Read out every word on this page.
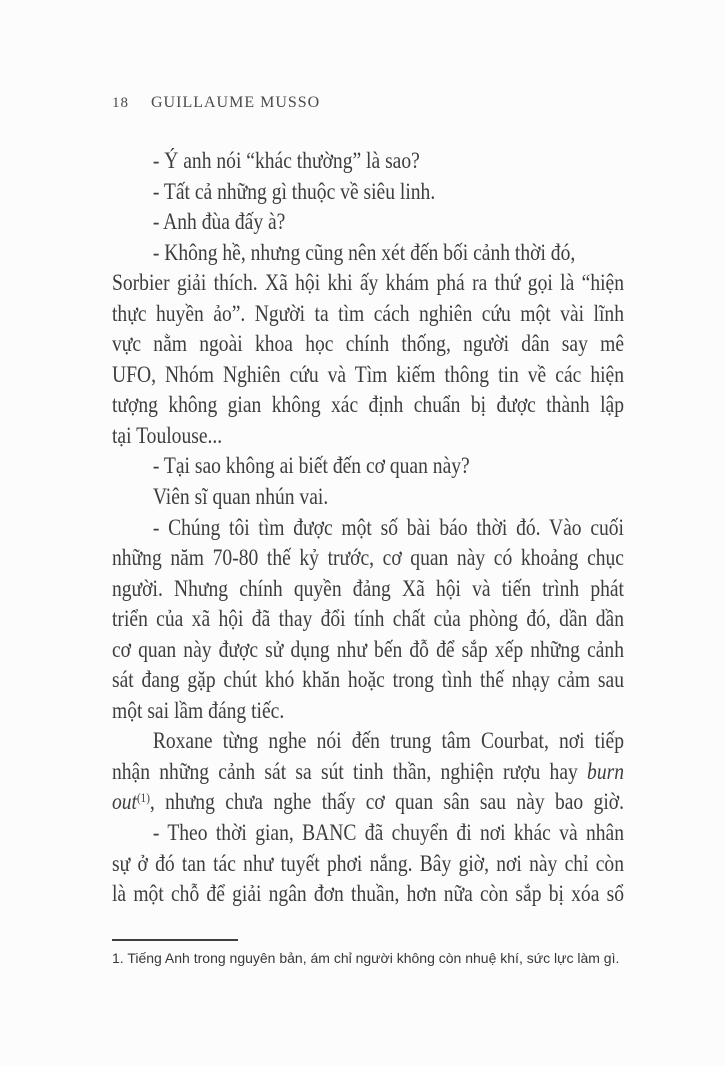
18 GUILLAUME MUSSO
- Ý anh nói “khác thường” là sao?
- Tất cả những gì thuộc về siêu linh.
- Anh đùa đấy à?
- Không hề, nhưng cũng nên xét đến bối cảnh thời đó,
Sorbier giải thích. Xã hội khi ấy khám phá ra thứ gọi là “hiện
thực huyền ảo”. Người ta tìm cách nghiên cứu một vài lĩnh
vực nằm ngoài khoa học chính thống, người dân say mê
UFO, Nhóm Nghiên cứu và Tìm kiếm thông tin về các hiện
tượng không gian không xác định chuẩn bị được thành lập
tại Toulouse...
- Tại sao không ai biết đến cơ quan này?
Viên sĩ quan nhún vai.
- Chúng tôi tìm được một số bài báo thời đó. Vào cuối
những năm 70-80 thế kỷ trước, cơ quan này có khoảng chục
người. Nhưng chính quyền đảng Xã hội và tiến trình phát
triển của xã hội đã thay đổi tính chất của phòng đó, dần dần
cơ quan này được sử dụng như bến đỗ để sắp xếp những cảnh
sát đang gặp chút khó khăn hoặc trong tình thế nhạy cảm sau
một sai lầm đáng tiếc.
Roxane từng nghe nói đến trung tâm Courbat, nơi tiếp
nhận những cảnh sát sa sút tinh thần, nghiện rượu hay burn
out$^{(1)}$, nhưng chưa nghe thấy cơ quan sân sau này bao giờ.
- Theo thời gian, BANC đã chuyển đi nơi khác và nhân
sự ở đó tan tác như tuyết phơi nắng. Bây giờ, nơi này chỉ còn
là một chỗ để giải ngân đơn thuần, hơn nữa còn sắp bị xóa sổ
1. Tiếng Anh trong nguyên bản, ám chỉ người không còn nhuệ khí, sức lực làm gì.
